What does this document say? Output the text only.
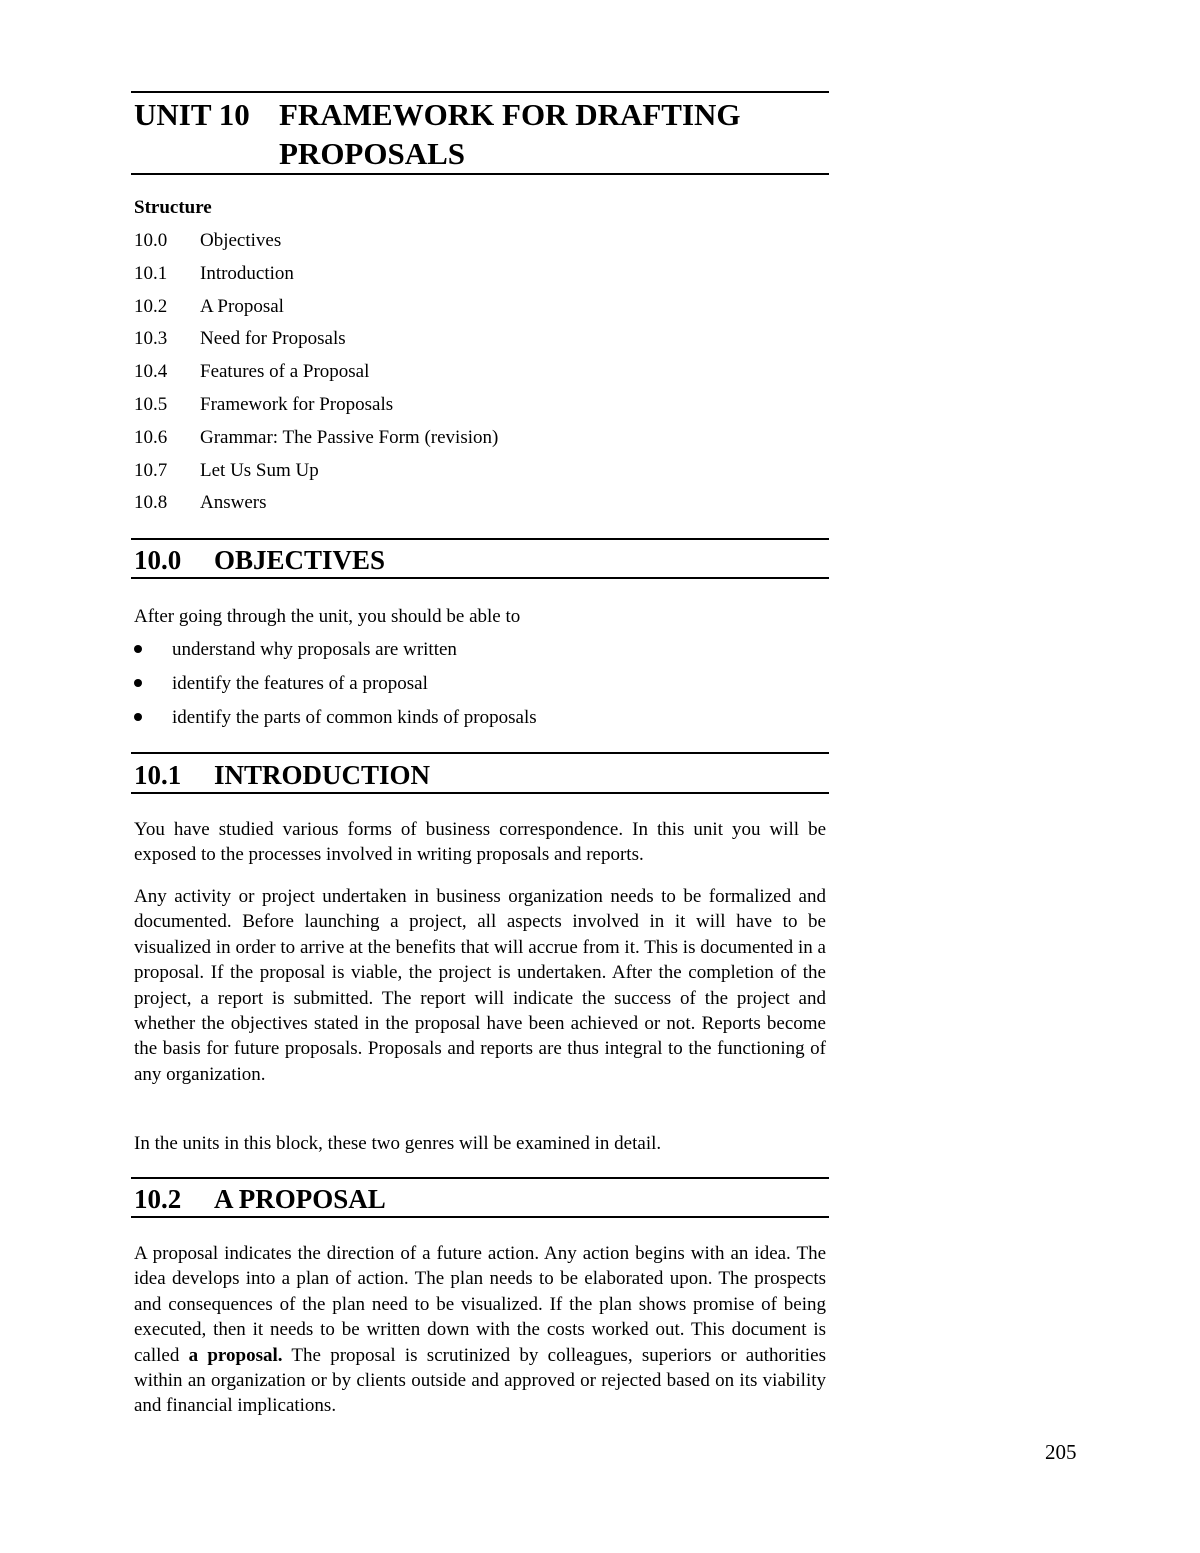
UNIT 10 FRAMEWORK FOR DRAFTING
PROPOSALS
Structure
10.0 Objectives
10.1 Introduction
10.2 A Proposal
10.3 Need for Proposals
10.4 Features of a Proposal
10.5 Framework for Proposals
10.6 Grammar: The Passive Form (revision)
10.7 Let Us Sum Up
10.8 Answers
10.0 OBJECTIVES

After going through the unit, you should be able to

understand why proposals are written
identify the features of a proposal
identify the parts of common kinds of proposals
10.1 INTRODUCTION

You have studied various forms of business correspondence. In this unit you will be exposed to the processes involved in writing proposals and reports.

Any activity or project undertaken in business organization needs to be formalized and documented. Before launching a project, all aspects involved in it will have to be visualized in order to arrive at the benefits that will accrue from it. This is documented in a proposal. If the proposal is viable, the project is undertaken. After the completion of the project, a report is submitted. The report will indicate the success of the project and whether the objectives stated in the proposal have been achieved or not. Reports become the basis for future proposals. Proposals and reports are thus integral to the functioning of any organization.

In the units in this block, these two genres will be examined in detail.

10.2 A PROPOSAL

A proposal indicates the direction of a future action. Any action begins with an idea. The idea develops into a plan of action. The plan needs to be elaborated upon. The prospects and consequences of the plan need to be visualized. If the plan shows promise of being executed, then it needs to be written down with the costs worked out. This document is called a proposal. The proposal is scrutinized by colleagues, superiors or authorities within an organization or by clients outside and approved or rejected based on its viability and financial implications.

205
